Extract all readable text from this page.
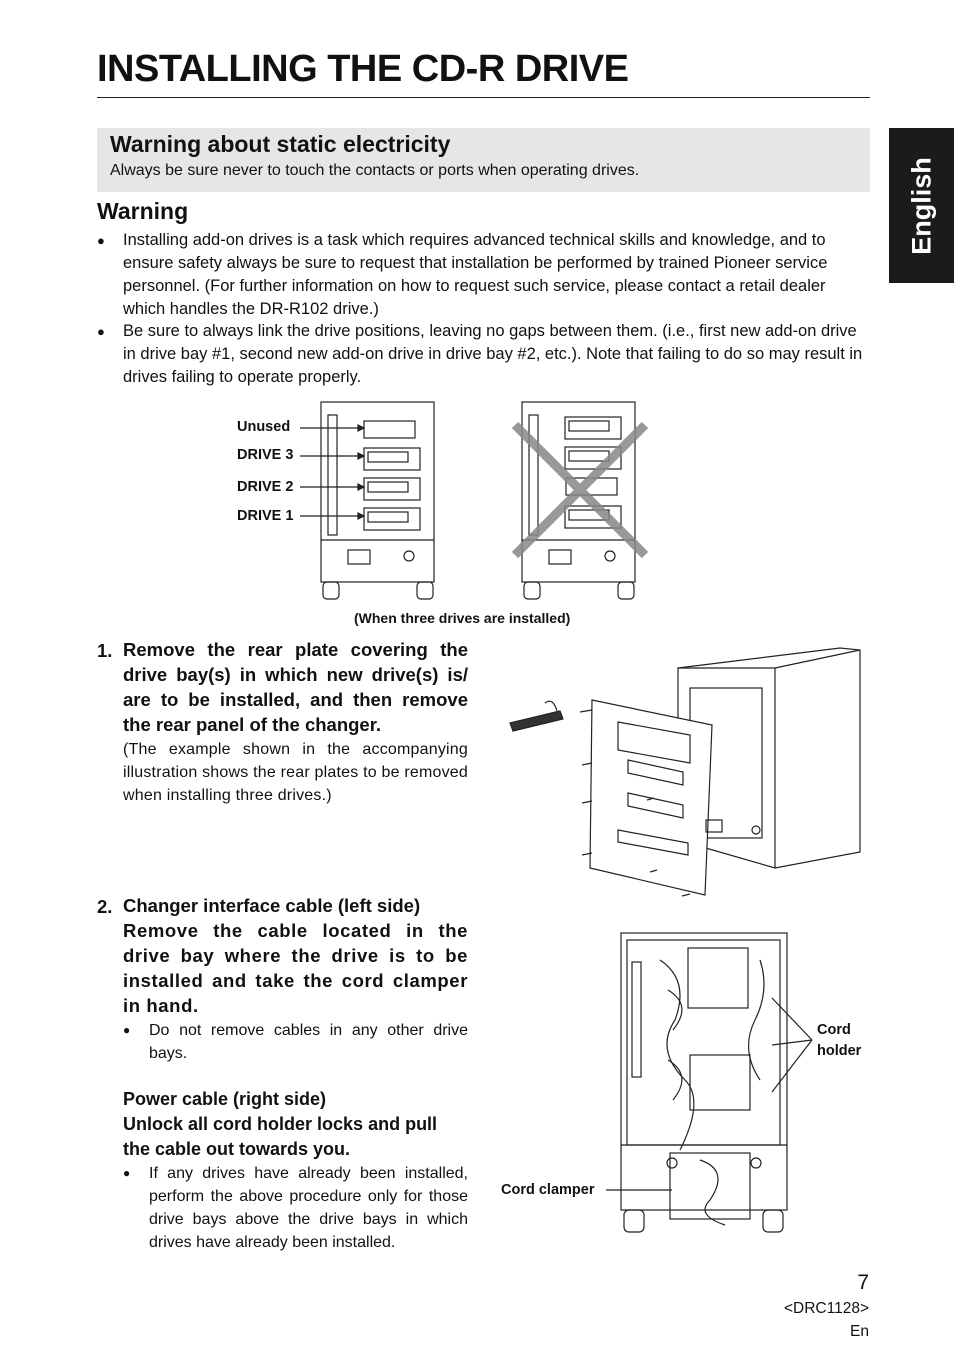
INSTALLING THE CD-R DRIVE
English
Warning about static electricity

Always be sure never to touch the contacts or ports when operating drives.

Warning
● Installing add-on drives is a task which requires advanced technical skills and knowledge, and to ensure safety always be sure to request that installation be performed by trained Pioneer service personnel. (For further information on how to request such service, please contact a retail dealer which handles the DR-R102 drive.)
● Be sure to always link the drive positions, leaving no gaps between them. (i.e., first new add-on drive in drive bay #1, second new add-on drive in drive bay #2, etc.). Note that failing to do so may result in drives failing to operate properly.
Unused
DRIVE 3
DRIVE 2
DRIVE 1
(When three drives are installed)
1. Remove the rear plate covering the drive bay(s) in which new drive(s) is/ are to be installed, and then remove the rear panel of the changer.
(The example shown in the accompanying illustration shows the rear plates to be removed when installing three drives.)
2. Changer interface cable (left side)
Remove the cable located in the drive bay where the drive is to be installed and take the cord clamper in hand.
● Do not remove cables in any other drive bays.
Power cable (right side)
Unlock all cord holder locks and pull the cable out towards you.
● If any drives have already been installed, perform the above procedure only for those drive bays above the drive bays in which drives have already been installed.
Cord
holder
Cord clamper
7
<DRC1128>
En
